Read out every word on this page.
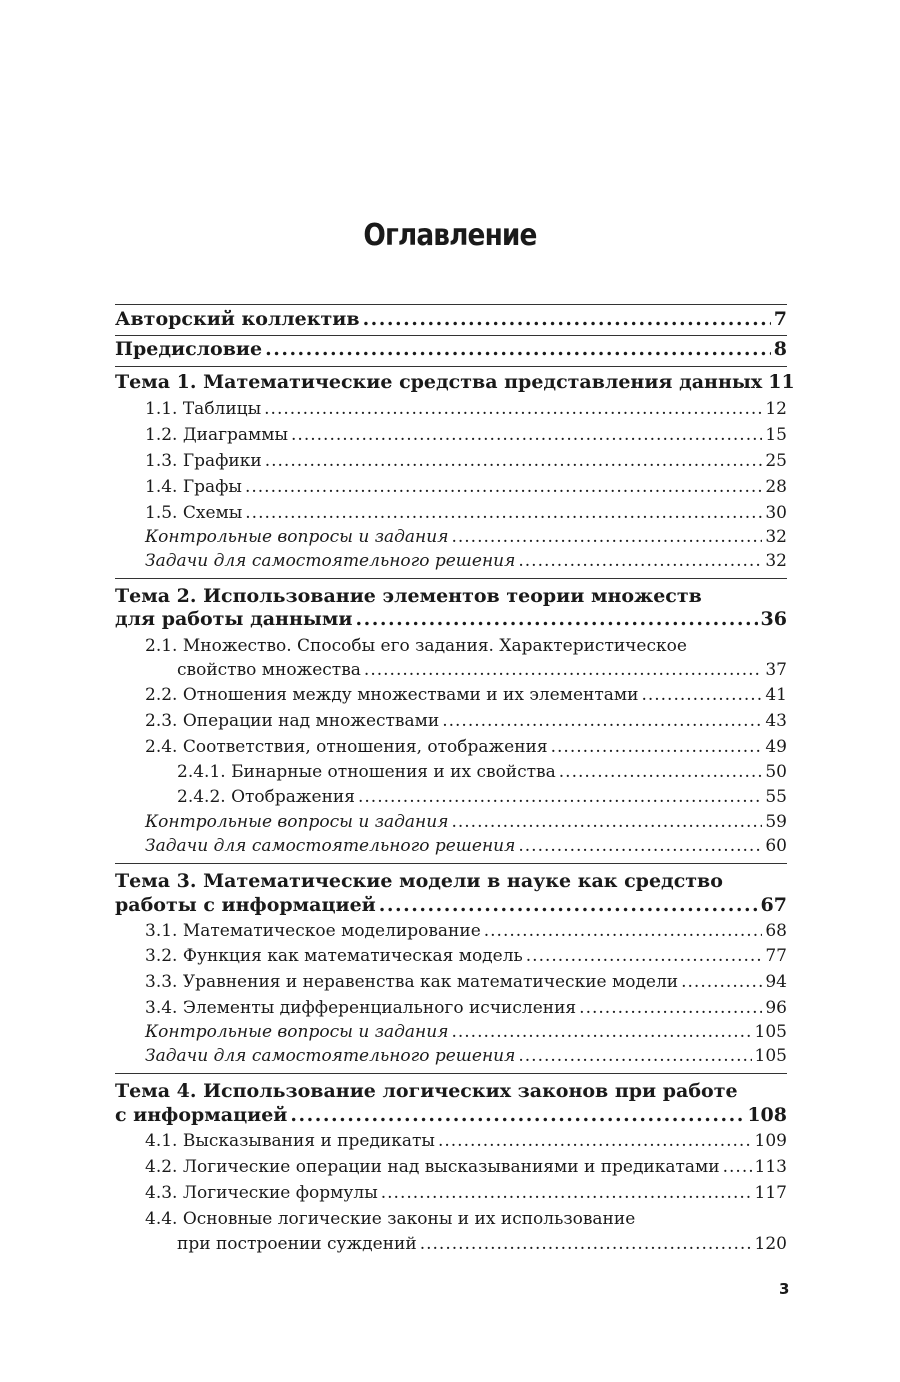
Оглавление
Авторский коллектив .....	7
Предисловие .....	8
Тема 1. Математические средства представления данных 11
1.1. Таблицы .....	12
1.2. Диаграммы .....	15
1.3. Графики .....	25
1.4. Графы .....	28
1.5. Схемы .....	30
Контрольные вопросы и задания .....	32
Задачи для самостоятельного решения .....	32
Тема 2. Использование элементов теории множеств
для работы данными .....	36
2.1. Множество. Способы его задания. Характеристическое
свойство множества .....	37
2.2. Отношения между множествами и их элементами .....	41
2.3. Операции над множествами .....	43
2.4. Соответствия, отношения, отображения .....	49
2.4.1. Бинарные отношения и их свойства .....	50
2.4.2. Отображения .....	55
Контрольные вопросы и задания .....	59
Задачи для самостоятельного решения .....	60
Тема 3. Математические модели в науке как средство
работы с информацией .....	67
3.1. Математическое моделирование .....	68
3.2. Функция как математическая модель .....	77
3.3. Уравнения и неравенства как математические модели .....	94
3.4. Элементы дифференциального исчисления .....	96
Контрольные вопросы и задания .....	105
Задачи для самостоятельного решения .....	105
Тема 4. Использование логических законов при работе
с информацией .....	108
4.1. Высказывания и предикаты .....	109
4.2. Логические операции над высказываниями и предикатами ..... 113
4.3. Логические формулы .....	117
4.4. Основные логические законы и их использование
при построении суждений .....	120
3
